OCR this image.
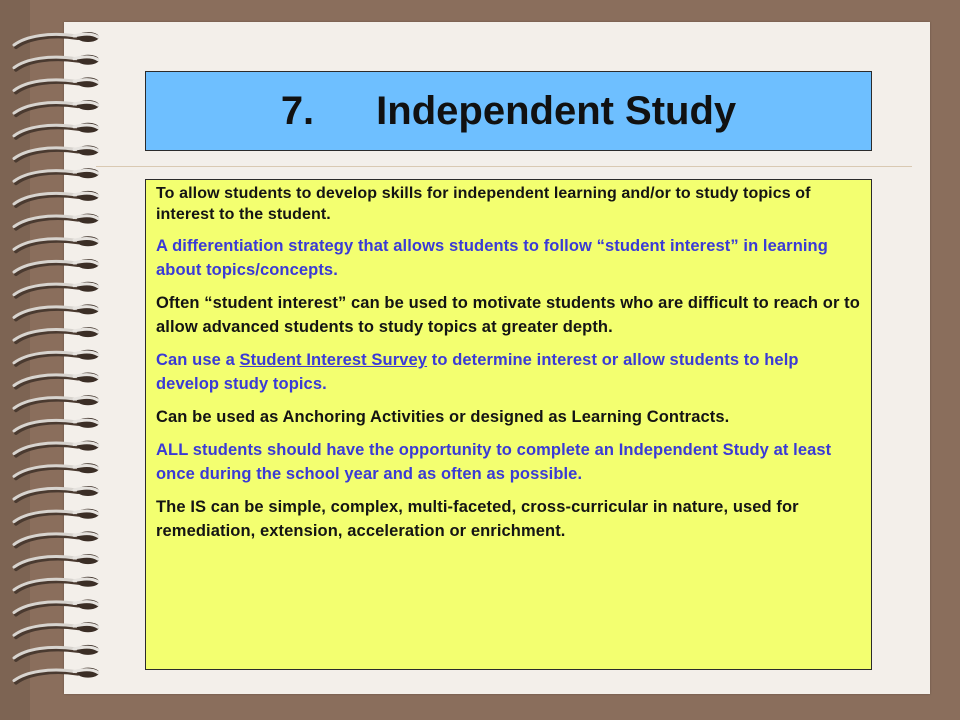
7. Independent Study

To allow students to develop skills for independent learning and/or to study topics of interest to the student.

A differentiation strategy that allows students to follow “student interest” in learning about topics/concepts.

Often “student interest” can be used to motivate students who are difficult to reach or to allow advanced students to study topics at greater depth.

Can use a Student Interest Survey to determine interest or allow students to help develop study topics.

Can be used as Anchoring Activities or designed as Learning Contracts.

ALL students should have the opportunity to complete an Independent Study at least once during the school year and as often as possible.

The IS can be simple, complex, multi-faceted, cross-curricular in nature, used for remediation, extension, acceleration or enrichment.
